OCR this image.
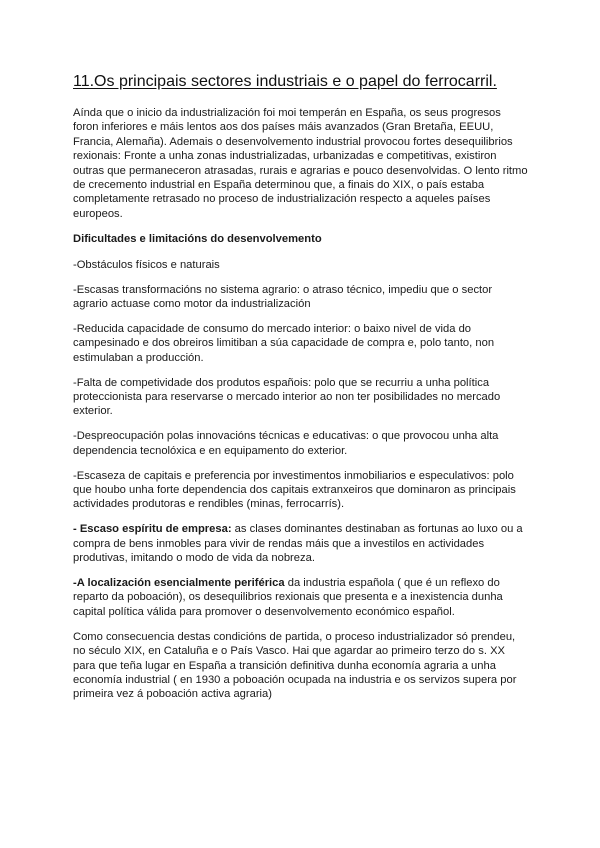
11.Os principais sectores industriais e o papel do ferrocarril.

Aínda que o inicio da industrialización foi moi temperán en España, os seus progresos foron inferiores e máis lentos aos dos países máis avanzados (Gran Bretaña, EEUU, Francia, Alemaña). Ademais o desenvolvemento industrial provocou fortes desequilibrios rexionais: Fronte a unha zonas industrializadas, urbanizadas e competitivas, existiron outras que permaneceron atrasadas, rurais e agrarias e pouco desenvolvidas. O lento ritmo de crecemento industrial en España determinou que, a finais do XIX, o país estaba completamente retrasado no proceso de industrialización respecto a aqueles países europeos.

Dificultades e limitacións do desenvolvemento

-Obstáculos físicos e naturais

-Escasas transformacións no sistema agrario: o atraso técnico, impediu que o sector agrario actuase como motor da industrialización

-Reducida capacidade de consumo do mercado interior: o baixo nivel de vida do campesinado e dos obreiros limitiban a súa capacidade de compra e, polo tanto, non estimulaban a producción.

-Falta de competividade dos produtos españois: polo que se recurriu a unha política proteccionista para reservarse o mercado interior ao non ter posibilidades no mercado exterior.

-Despreocupación polas innovacións técnicas e educativas: o que provocou unha alta dependencia tecnolóxica e en equipamento do exterior.

-Escaseza de capitais e preferencia por investimentos inmobiliarios e especulativos: polo que houbo unha forte dependencia dos capitais extranxeiros que dominaron as principais actividades produtoras e rendibles (minas, ferrocarrís).

- Escaso espíritu de empresa: as clases dominantes destinaban as fortunas ao luxo ou a compra de bens inmobles para vivir de rendas máis que a investilos en actividades produtivas, imitando o modo de vida da nobreza.

-A localización esencialmente periférica da industria española ( que é un reflexo do reparto da poboación), os desequilibrios rexionais que presenta e a inexistencia dunha capital política válida para promover o desenvolvemento económico español.

Como consecuencia destas condicións de partida, o proceso industrializador só prendeu, no século XIX, en Cataluña e o País Vasco. Hai que agardar ao primeiro terzo do s. XX para que teña lugar en España a transición definitiva dunha economía agraria a unha economía industrial ( en 1930 a poboación ocupada na industria e os servizos supera por primeira vez á poboación activa agraria)
